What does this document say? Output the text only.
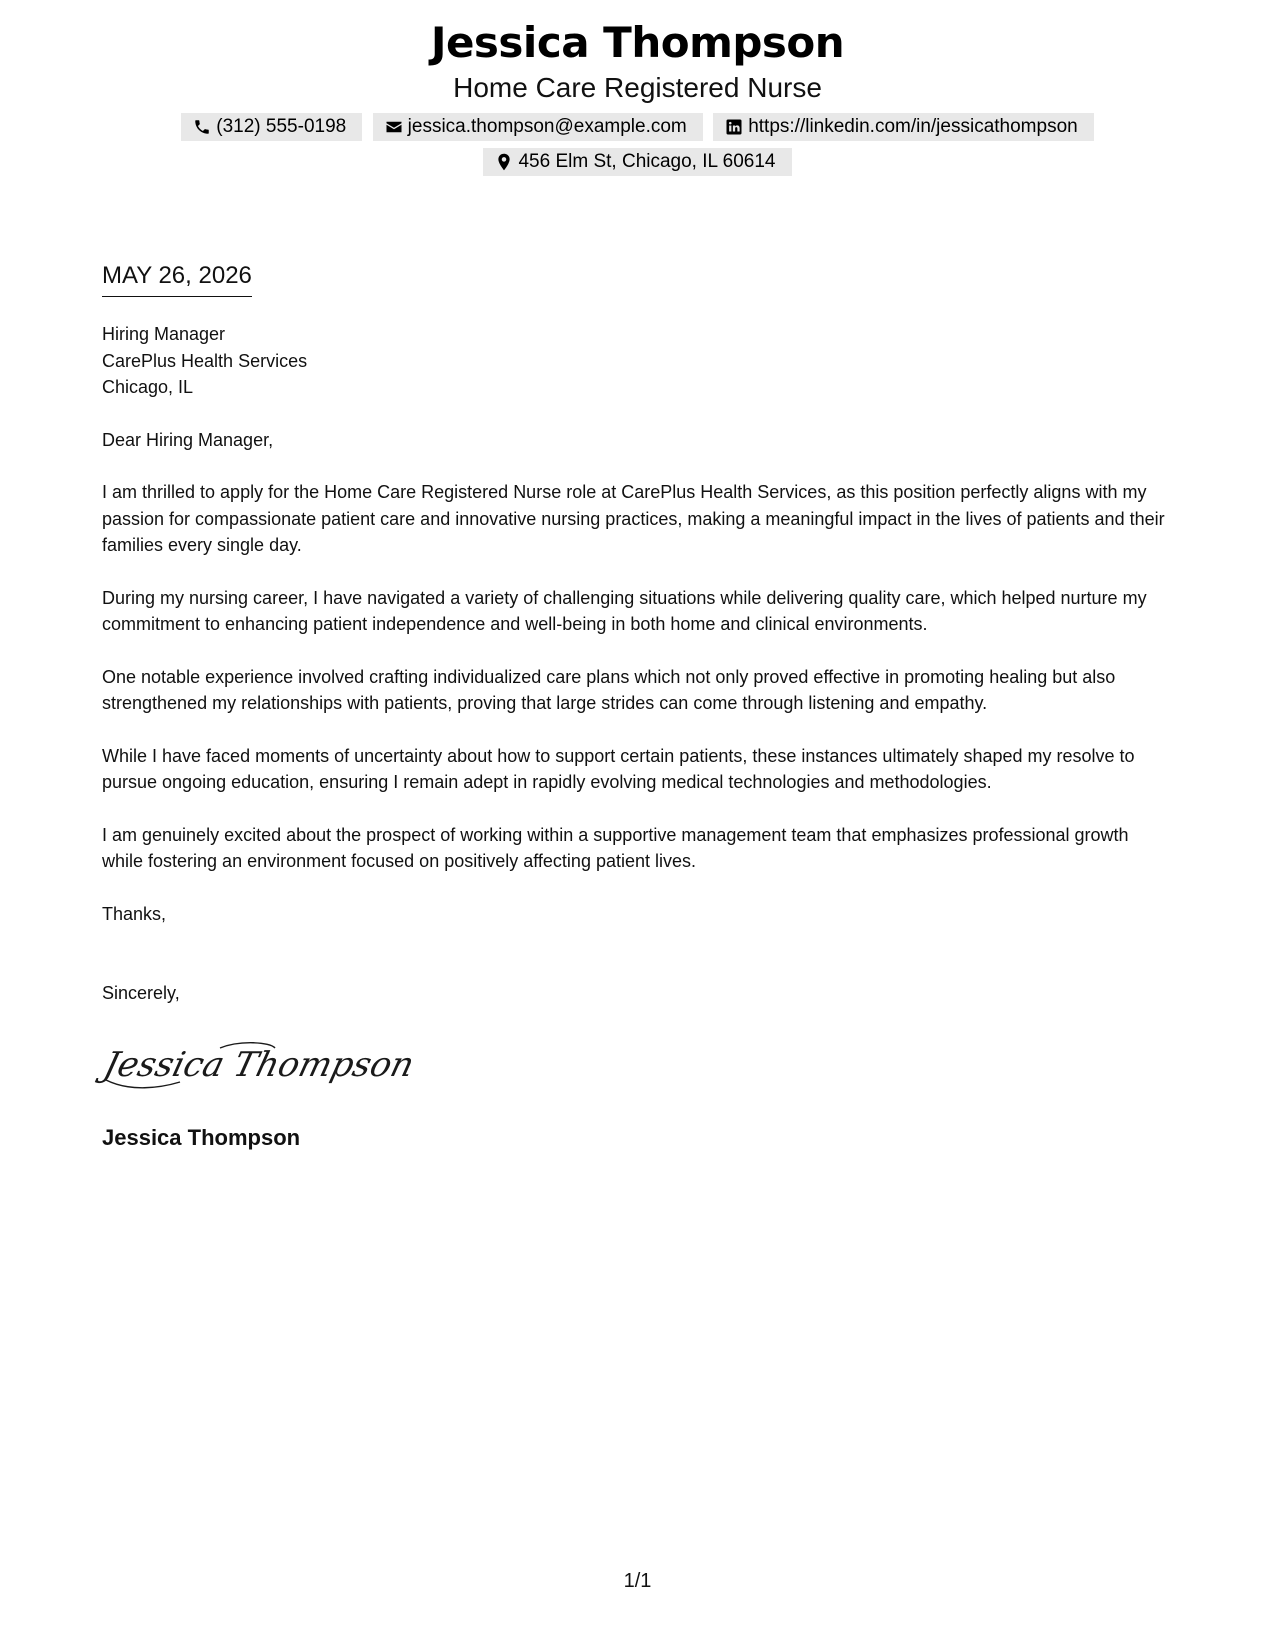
Jessica Thompson
Home Care Registered Nurse
(312) 555-0198
	jessica.thompson@example.com
	https://linkedin.com/in/jessicathompson
456 Elm St, Chicago, IL 60614
MAY 26, 2026
Hiring Manager
CarePlus Health Services
Chicago, IL
Dear Hiring Manager,

I am thrilled to apply for the Home Care Registered Nurse role at CarePlus Health Services, as this position perfectly aligns with my passion for compassionate patient care and innovative nursing practices, making a meaningful impact in the lives of patients and their families every single day.

During my nursing career, I have navigated a variety of challenging situations while delivering quality care, which helped nurture my commitment to enhancing patient independence and well-being in both home and clinical environments.

One notable experience involved crafting individualized care plans which not only proved effective in promoting healing but also strengthened my relationships with patients, proving that large strides can come through listening and empathy.

While I have faced moments of uncertainty about how to support certain patients, these instances ultimately shaped my resolve to pursue ongoing education, ensuring I remain adept in rapidly evolving medical technologies and methodologies.

I am genuinely excited about the prospect of working within a supportive management team that emphasizes professional growth while fostering an environment focused on positively affecting patient lives.

Thanks,
Sincerely,
Jessica Thompson
Jessica Thompson
1/1
